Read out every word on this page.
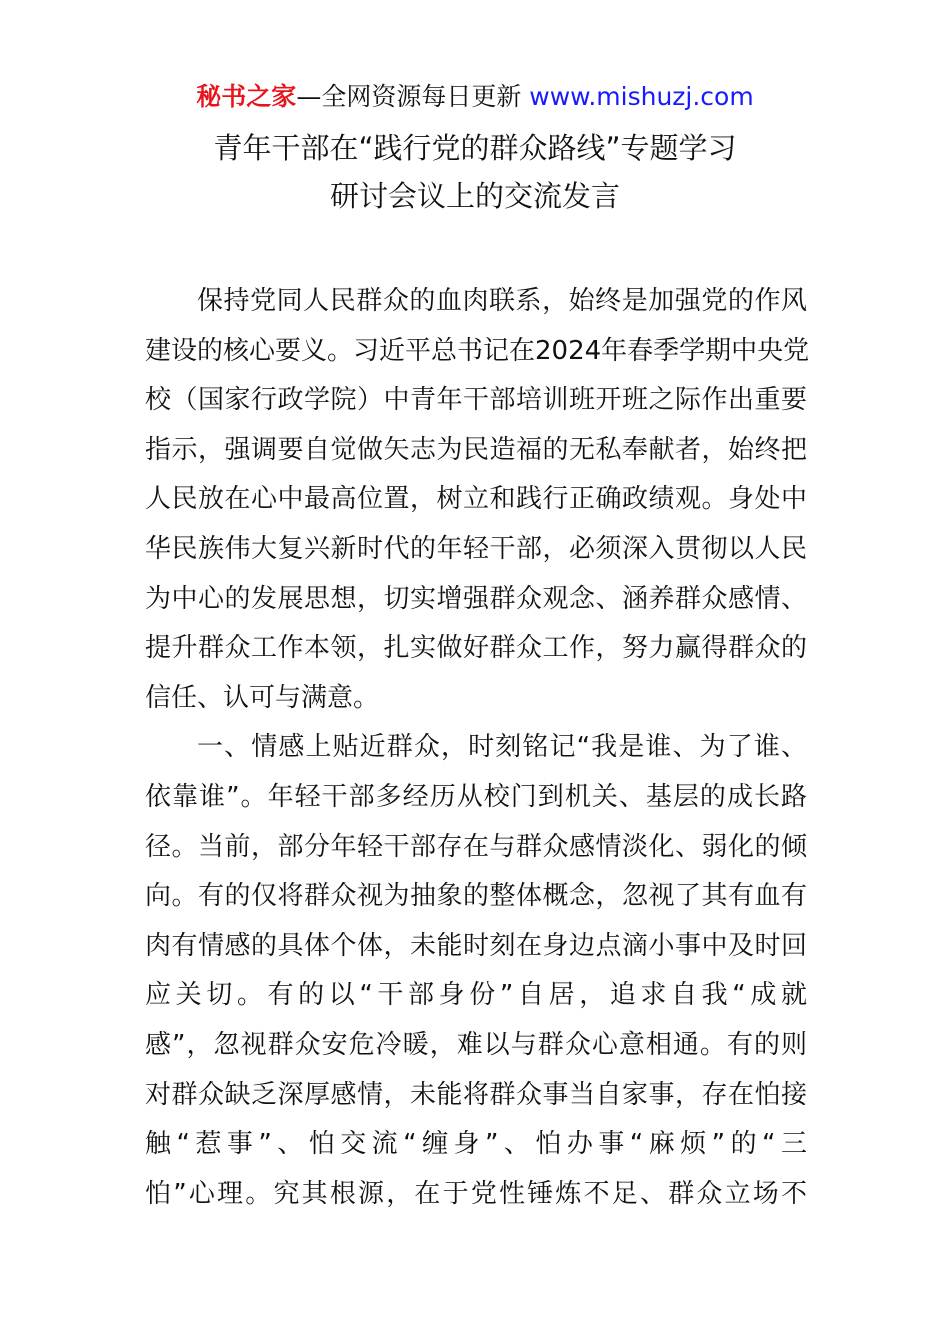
秘书之家—全网资源每日更新 www.mishuzj.com
青年干部在“践行党的群众路线”专题学习
研讨会议上的交流发言
保持党同人民群众的血肉联系，始终是加强党的作风
建设的核心要义。习近平总书记在2024年春季学期中央党
校（国家行政学院）中青年干部培训班开班之际作出重要
指示，强调要自觉做矢志为民造福的无私奉献者，始终把
人民放在心中最高位置，树立和践行正确政绩观。身处中
华民族伟大复兴新时代的年轻干部，必须深入贯彻以人民
为中心的发展思想，切实增强群众观念、涵养群众感情、
提升群众工作本领，扎实做好群众工作，努力赢得群众的
信任、认可与满意。
一、情感上贴近群众，时刻铭记“我是谁、为了谁、
依靠谁”。年轻干部多经历从校门到机关、基层的成长路
径。当前，部分年轻干部存在与群众感情淡化、弱化的倾
向。有的仅将群众视为抽象的整体概念，忽视了其有血有
肉有情感的具体个体，未能时刻在身边点滴小事中及时回
应关切。有的以“干部身份”自居，追求自我“成就
感”，忽视群众安危冷暖，难以与群众心意相通。有的则
对群众缺乏深厚感情，未能将群众事当自家事，存在怕接
触“惹事”、怕交流“缠身”、怕办事“麻烦”的“三
怕”心理。究其根源，在于党性锤炼不足、群众立场不
